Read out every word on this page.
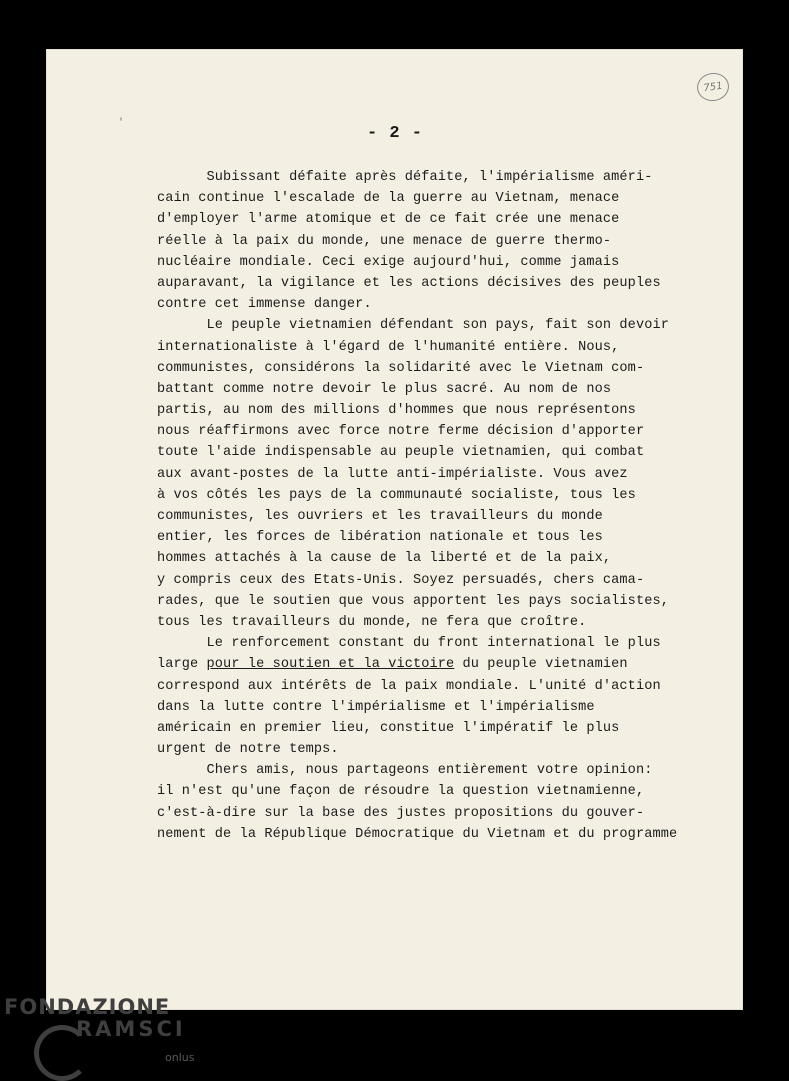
'
751
- 2 -
Subissant défaite après défaite, l'impérialisme améri-
cain continue l'escalade de la guerre au Vietnam, menace
d'employer l'arme atomique et de ce fait crée une menace
réelle à la paix du monde, une menace de guerre thermo-
nucléaire mondiale. Ceci exige aujourd'hui, comme jamais
auparavant, la vigilance et les actions décisives des peuples
contre cet immense danger.
Le peuple vietnamien défendant son pays, fait son devoir
internationaliste à l'égard de l'humanité entière. Nous,
communistes, considérons la solidarité avec le Vietnam com-
battant comme notre devoir le plus sacré. Au nom de nos
partis, au nom des millions d'hommes que nous représentons
nous réaffirmons avec force notre ferme décision d'apporter
toute l'aide indispensable au peuple vietnamien, qui combat
aux avant-postes de la lutte anti-impérialiste. Vous avez
à vos côtés les pays de la communauté socialiste, tous les
communistes, les ouvriers et les travailleurs du monde
entier, les forces de libération nationale et tous les
hommes attachés à la cause de la liberté et de la paix,
y compris ceux des Etats-Unis. Soyez persuadés, chers cama-
rades, que le soutien que vous apportent les pays socialistes,
tous les travailleurs du monde, ne fera que croître.
Le renforcement constant du front international le plus
large pour le soutien et la victoire du peuple vietnamien
correspond aux intérêts de la paix mondiale. L'unité d'action
dans la lutte contre l'impérialisme et l'impérialisme
américain en premier lieu, constitue l'impératif le plus
urgent de notre temps.
Chers amis, nous partageons entièrement votre opinion:
il n'est qu'une façon de résoudre la question vietnamienne,
c'est-à-dire sur la base des justes propositions du gouver-
nement de la République Démocratique du Vietnam et du programme
FONDAZIONE
RAMSCI
onlus
